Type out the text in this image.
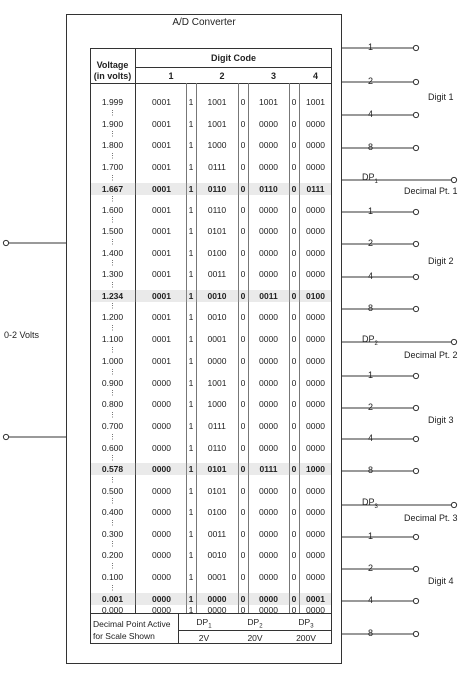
A/D Converter
0-2 Volts
Voltage
(in volts)
Digit Code
1	2	3	4
1.999	0001	1	1001	0	1001	0	1001
⋮
1.900	0001	1	1001	0	0000	0	0000
⋮
1.800	0001	1	1000	0	0000	0	0000
⋮
1.700	0001	1	0111	0	0000	0	0000
⋮
1.667	0001	1	0110	0	0110	0	0111
⋮
1.600	0001	1	0110	0	0000	0	0000
⋮
1.500	0001	1	0101	0	0000	0	0000
⋮
1.400	0001	1	0100	0	0000	0	0000
⋮
1.300	0001	1	0011	0	0000	0	0000
⋮
1.234	0001	1	0010	0	0011	0	0100
⋮
1.200	0001	1	0010	0	0000	0	0000
⋮
1.100	0001	1	0001	0	0000	0	0000
⋮
1.000	0001	1	0000	0	0000	0	0000
⋮
0.900	0000	1	1001	0	0000	0	0000
⋮
0.800	0000	1	1000	0	0000	0	0000
⋮
0.700	0000	1	0111	0	0000	0	0000
⋮
0.600	0000	1	0110	0	0000	0	0000
⋮
0.578	0000	1	0101	0	0111	0	1000
⋮
0.500	0000	1	0101	0	0000	0	0000
⋮
0.400	0000	1	0100	0	0000	0	0000
⋮
0.300	0000	1	0011	0	0000	0	0000
⋮
0.200	0000	1	0010	0	0000	0	0000
⋮
0.100	0000	1	0001	0	0000	0	0000
⋮
0.001	0000	1	0000	0	0000	0	0001
0.000	0000	1	0000	0	0000	0	0000
Decimal Point Active
for Scale Shown
$DP_1$	$DP_2$	$DP_3$
2V	20V	200V
1
2
4
8
Digit 1
1
2
4
8
Digit 2
1
2
4
8
Digit 3
1
2
4
8
Digit 4
$DP_1$
Decimal Pt. 1
$DP_2$
Decimal Pt. 2
$DP_3$
Decimal Pt. 3
